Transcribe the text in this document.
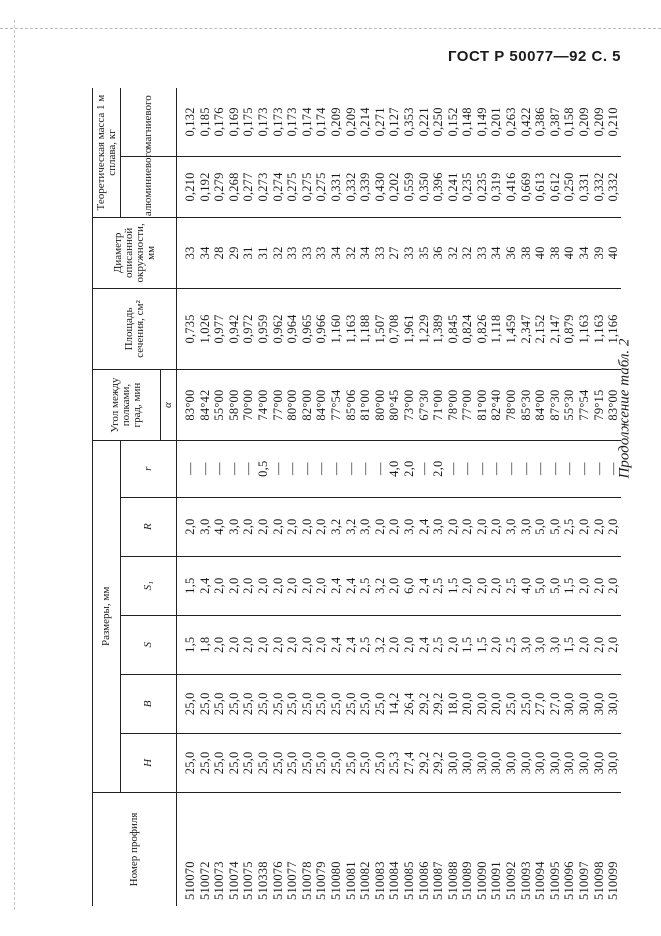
ГОСТ Р 50077—92 С. 5
Продолжение табл. 2
Номер профиля	Размеры, мм						Угол между полками, град, мин	Площадь сечения, см²	Диаметр описанной окружности, мм	Теоретическая масса 1 м сплава, кг	
	H	B	S	S₁	R	r				алюминиевого	магниевого
							α				
510070	25,0	25,0	1,5	1,5	2,0	—	83°00	0,735	33	0,210	0,132
510072	25,0	25,0	1,8	2,4	3,0	—	84°42	1,026	34	0,192	0,185
510073	25,0	25,0	2,0	2,0	4,0	—	55°00	0,977	28	0,279	0,176
510074	25,0	25,0	2,0	2,0	3,0	—	58°00	0,942	29	0,268	0,169
510075	25,0	25,0	2,0	2,0	2,0	—	70°00	0,972	31	0,277	0,175
510338	25,0	25,0	2,0	2,0	2,0	0,5	74°00	0,959	31	0,273	0,173
510076	25,0	25,0	2,0	2,0	2,0	—	77°00	0,962	32	0,274	0,173
510077	25,0	25,0	2,0	2,0	2,0	—	80°00	0,964	33	0,275	0,173
510078	25,0	25,0	2,0	2,0	2,0	—	82°00	0,965	33	0,275	0,174
510079	25,0	25,0	2,0	2,0	2,0	—	84°00	0,966	33	0,275	0,174
510080	25,0	25,0	2,4	2,4	3,2	—	77°54	1,160	34	0,331	0,209
510081	25,0	25,0	2,4	2,4	3,2	—	85°06	1,163	32	0,332	0,209
510082	25,0	25,0	2,5	2,5	3,0	—	81°00	1,188	34	0,339	0,214
510083	25,0	25,0	3,2	3,2	2,0	—	80°00	1,507	33	0,430	0,271
510084	25,3	14,2	2,0	2,0	2,0	4,0	80°45	0,708	27	0,202	0,127
510085	27,4	26,4	2,0	6,0	3,0	2,0	73°00	1,961	33	0,559	0,353
510086	29,2	29,2	2,4	2,4	2,4	—	67°30	1,229	35	0,350	0,221
510087	29,2	29,2	2,5	2,5	3,0	2,0	71°00	1,389	36	0,396	0,250
510088	30,0	18,0	2,0	1,5	2,0	—	78°00	0,845	32	0,241	0,152
510089	30,0	20,0	1,5	2,0	2,0	—	77°00	0,824	32	0,235	0,148
510090	30,0	20,0	1,5	2,0	2,0	—	81°00	0,826	33	0,235	0,149
510091	30,0	20,0	2,0	2,0	2,0	—	82°40	1,118	34	0,319	0,201
510092	30,0	25,0	2,5	2,5	3,0	—	78°00	1,459	36	0,416	0,263
510093	30,0	25,0	3,0	4,0	3,0	—	85°30	2,347	38	0,669	0,422
510094	30,0	27,0	3,0	5,0	5,0	—	84°00	2,152	40	0,613	0,386
510095	30,0	27,0	3,0	5,0	5,0	—	87°30	2,147	38	0,612	0,387
510096	30,0	30,0	1,5	1,5	2,5	—	55°30	0,879	40	0,250	0,158
510097	30,0	30,0	2,0	2,0	2,0	—	77°54	1,163	34	0,331	0,209
510098	30,0	30,0	2,0	2,0	2,0	—	79°15	1,163	39	0,332	0,209
510099	30,0	30,0	2,0	2,0	2,0	—	83°00	1,166	40	0,332	0,210
